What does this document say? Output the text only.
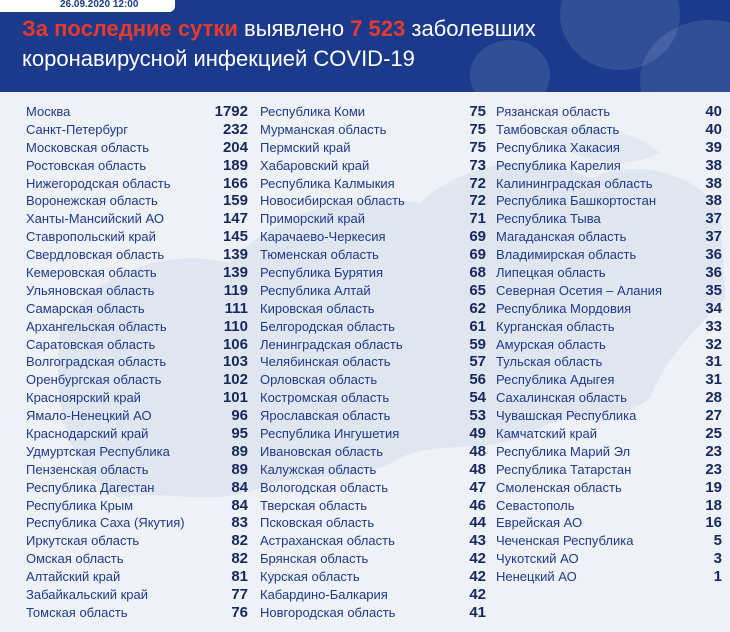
26.09.2020 12:00
За последние сутки выявлено 7 523 заболевших
коронавирусной инфекцией COVID-19
Москва	1792
Санкт-Петербург	232
Московская область	204
Ростовская область	189
Нижегородская область	166
Воронежская область	159
Ханты-Мансийский АО	147
Ставропольский край	145
Свердловская область	139
Кемеровская область	139
Ульяновская область	119
Самарская область	111
Архангельская область	110
Саратовская область	106
Волгоградская область	103
Оренбургская область	102
Красноярский край	101
Ямало-Ненецкий АО	96
Краснодарский край	95
Удмуртская Республика	89
Пензенская область	89
Республика Дагестан	84
Республика Крым	84
Республика Саха (Якутия)	83
Иркутская область	82
Омская область	82
Алтайский край	81
Забайкальский край	77
Томская область	76
Республика Коми	75
Мурманская область	75
Пермский край	75
Хабаровский край	73
Республика Калмыкия	72
Новосибирская область	72
Приморский край	71
Карачаево-Черкесия	69
Тюменская область	69
Республика Бурятия	68
Республика Алтай	65
Кировская область	62
Белгородская область	61
Ленинградская область	59
Челябинская область	57
Орловская область	56
Костромская область	54
Ярославская область	53
Республика Ингушетия	49
Ивановская область	48
Калужская область	48
Вологодская область	47
Тверская область	46
Псковская область	44
Астраханская область	43
Брянская область	42
Курская область	42
Кабардино-Балкария	42
Новгородская область	41
Рязанская область	40
Тамбовская область	40
Республика Хакасия	39
Республика Карелия	38
Калининградская область	38
Республика Башкортостан	38
Республика Тыва	37
Магаданская область	37
Владимирская область	36
Липецкая область	36
Северная Осетия – Алания	35
Республика Мордовия	34
Курганская область	33
Амурская область	32
Тульская область	31
Республика Адыгея	31
Сахалинская область	28
Чувашская Республика	27
Камчатский край	25
Республика Марий Эл	23
Республика Татарстан	23
Смоленская область	19
Севастополь	18
Еврейская АО	16
Чеченская Республика	5
Чукотский АО	3
Ненецкий АО	1
